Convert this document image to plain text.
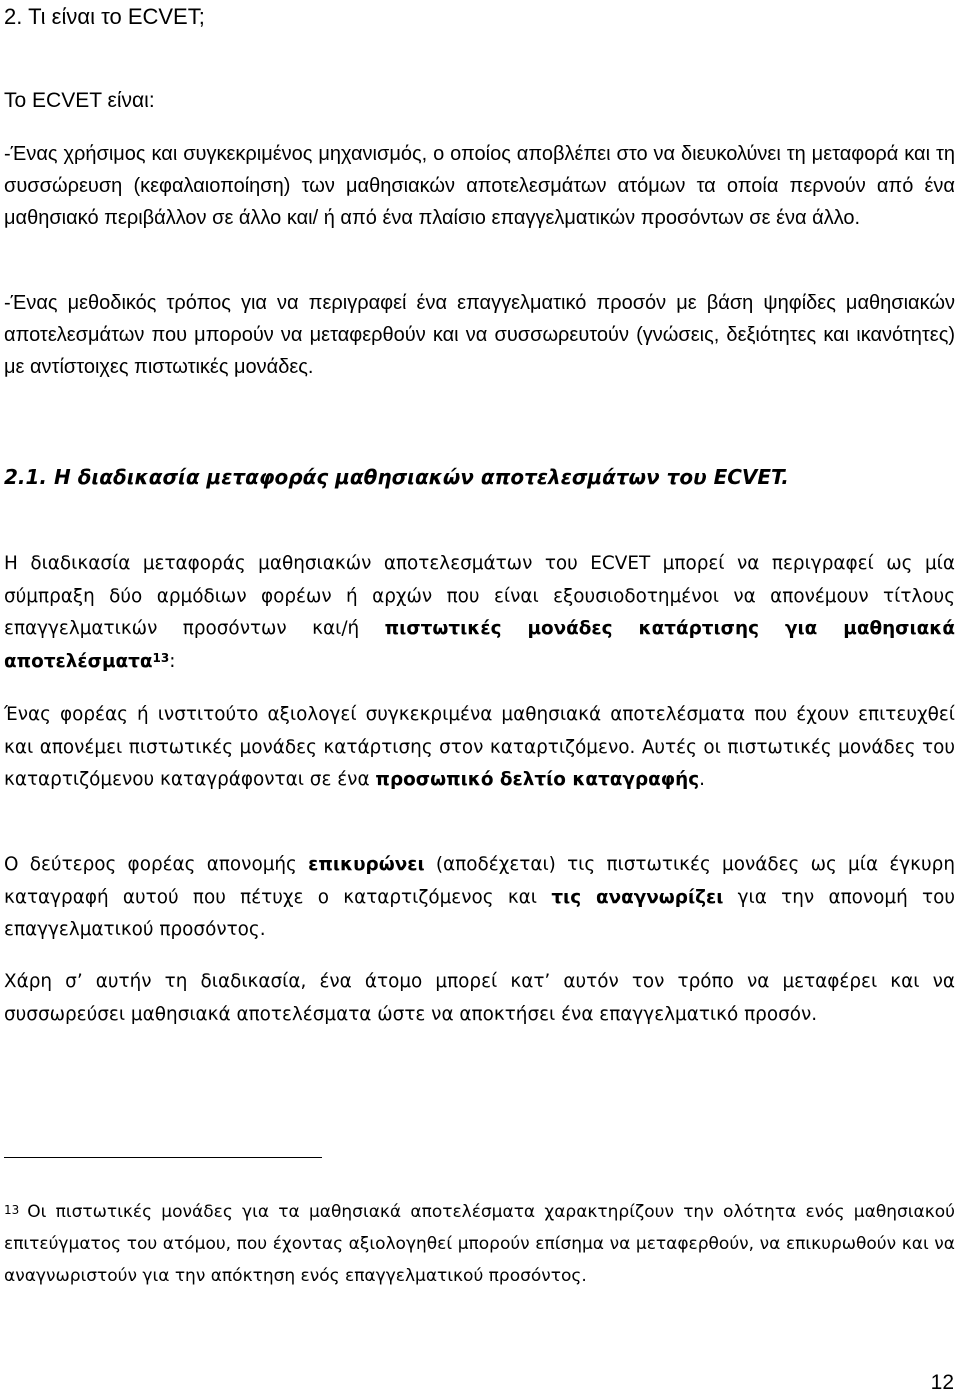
2. Τι είναι το ECVET;

Το ECVET είναι:

-Ένας χρήσιμος και συγκεκριμένος μηχανισμός, ο οποίος αποβλέπει στο να διευκολύνει τη μεταφορά και τη συσσώρευση (κεφαλαιοποίηση) των μαθησιακών αποτελεσμάτων ατόμων τα οποία περνούν από ένα μαθησιακό περιβάλλον σε άλλο και/ ή από ένα πλαίσιο επαγγελματικών προσόντων σε ένα άλλο.

-Ένας μεθοδικός τρόπος για να περιγραφεί ένα επαγγελματικό προσόν με βάση ψηφίδες μαθησιακών αποτελεσμάτων που μπορούν να μεταφερθούν και να συσσωρευτούν (γνώσεις, δεξιότητες και ικανότητες) με αντίστοιχες πιστωτικές μονάδες.

2.1. Η διαδικασία μεταφοράς μαθησιακών αποτελεσμάτων του ECVET.

Η διαδικασία μεταφοράς μαθησιακών αποτελεσμάτων του ECVET μπορεί να περιγραφεί ως μία σύμπραξη δύο αρμόδιων φορέων ή αρχών που είναι εξουσιοδοτημένοι να απονέμουν τίτλους επαγγελματικών προσόντων και/ή πιστωτικές μονάδες κατάρτισης για μαθησιακά αποτελέσματα$^{13}$:

Ένας φορέας ή ινστιτούτο αξιολογεί συγκεκριμένα μαθησιακά αποτελέσματα που έχουν επιτευχθεί και απονέμει πιστωτικές μονάδες κατάρτισης στον καταρτιζόμενο. Αυτές οι πιστωτικές μονάδες του καταρτιζόμενου καταγράφονται σε ένα προσωπικό δελτίο καταγραφής.

Ο δεύτερος φορέας απονομής επικυρώνει (αποδέχεται) τις πιστωτικές μονάδες ως μία έγκυρη καταγραφή αυτού που πέτυχε ο καταρτιζόμενος και τις αναγνωρίζει για την απονομή του επαγγελματικού προσόντος.

Χάρη σ’ αυτήν τη διαδικασία, ένα άτομο μπορεί κατ’ αυτόν τον τρόπο να μεταφέρει και να συσσωρεύσει μαθησιακά αποτελέσματα ώστε να αποκτήσει ένα επαγγελματικό προσόν.

$^{13}$ Οι πιστωτικές μονάδες για τα μαθησιακά αποτελέσματα χαρακτηρίζουν την ολότητα ενός μαθησιακού επιτεύγματος του ατόμου, που έχοντας αξιολογηθεί μπορούν επίσημα να μεταφερθούν, να επικυρωθούν και να αναγνωριστούν για την απόκτηση ενός επαγγελματικού προσόντος.

12
